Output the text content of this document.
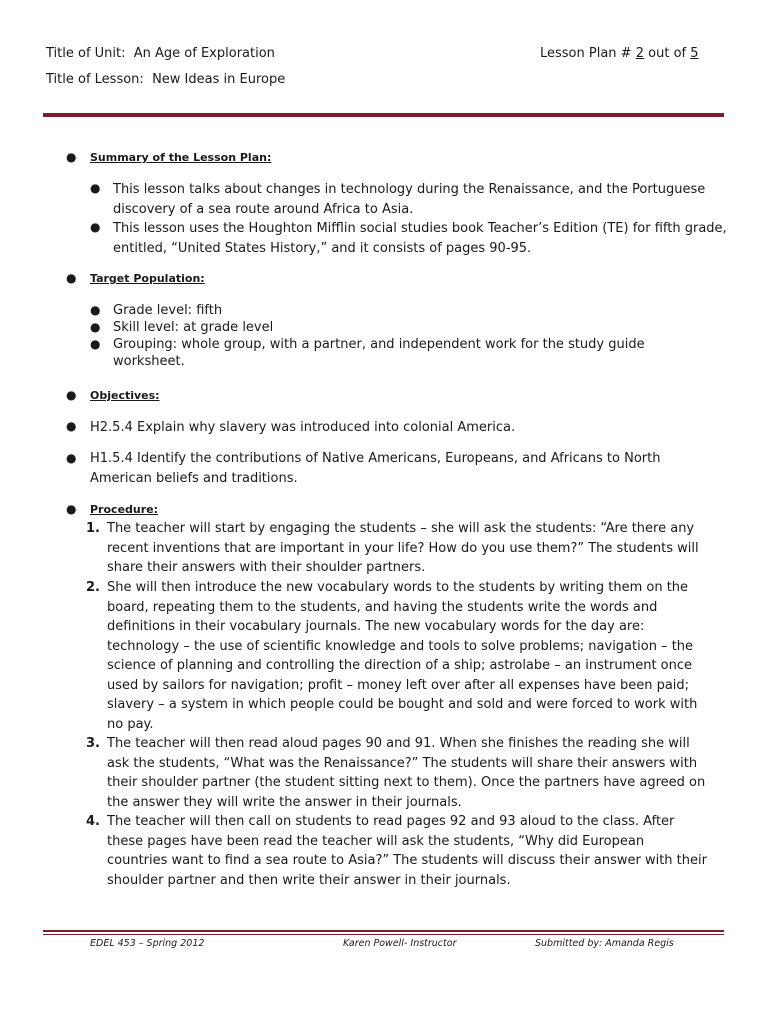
Title of Unit: An Age of Exploration	Lesson Plan # 2 out of 5
Title of Lesson: New Ideas in Europe
● Summary of the Lesson Plan:
● This lesson talks about changes in technology during the Renaissance, and the Portuguese
discovery of a sea route around Africa to Asia.
● This lesson uses the Houghton Mifflin social studies book Teacher’s Edition (TE) for fifth grade,
entitled, “United States History,” and it consists of pages 90-95.
● Target Population:
● Grade level: fifth
● Skill level: at grade level
● Grouping: whole group, with a partner, and independent work for the study guide
worksheet.
● Objectives:
● H2.5.4 Explain why slavery was introduced into colonial America.
● H1.5.4 Identify the contributions of Native Americans, Europeans, and Africans to North
American beliefs and traditions.
● Procedure:
1. The teacher will start by engaging the students – she will ask the students: “Are there any
recent inventions that are important in your life? How do you use them?” The students will
share their answers with their shoulder partners.
2. She will then introduce the new vocabulary words to the students by writing them on the
board, repeating them to the students, and having the students write the words and
definitions in their vocabulary journals. The new vocabulary words for the day are:
technology – the use of scientific knowledge and tools to solve problems; navigation – the
science of planning and controlling the direction of a ship; astrolabe – an instrument once
used by sailors for navigation; profit – money left over after all expenses have been paid;
slavery – a system in which people could be bought and sold and were forced to work with
no pay.
3. The teacher will then read aloud pages 90 and 91. When she finishes the reading she will
ask the students, “What was the Renaissance?” The students will share their answers with
their shoulder partner (the student sitting next to them). Once the partners have agreed on
the answer they will write the answer in their journals.
4. The teacher will then call on students to read pages 92 and 93 aloud to the class. After
these pages have been read the teacher will ask the students, “Why did European
countries want to find a sea route to Asia?” The students will discuss their answer with their
shoulder partner and then write their answer in their journals.
EDEL 453 – Spring 2012	Karen Powell- Instructor	Submitted by: Amanda Regis
